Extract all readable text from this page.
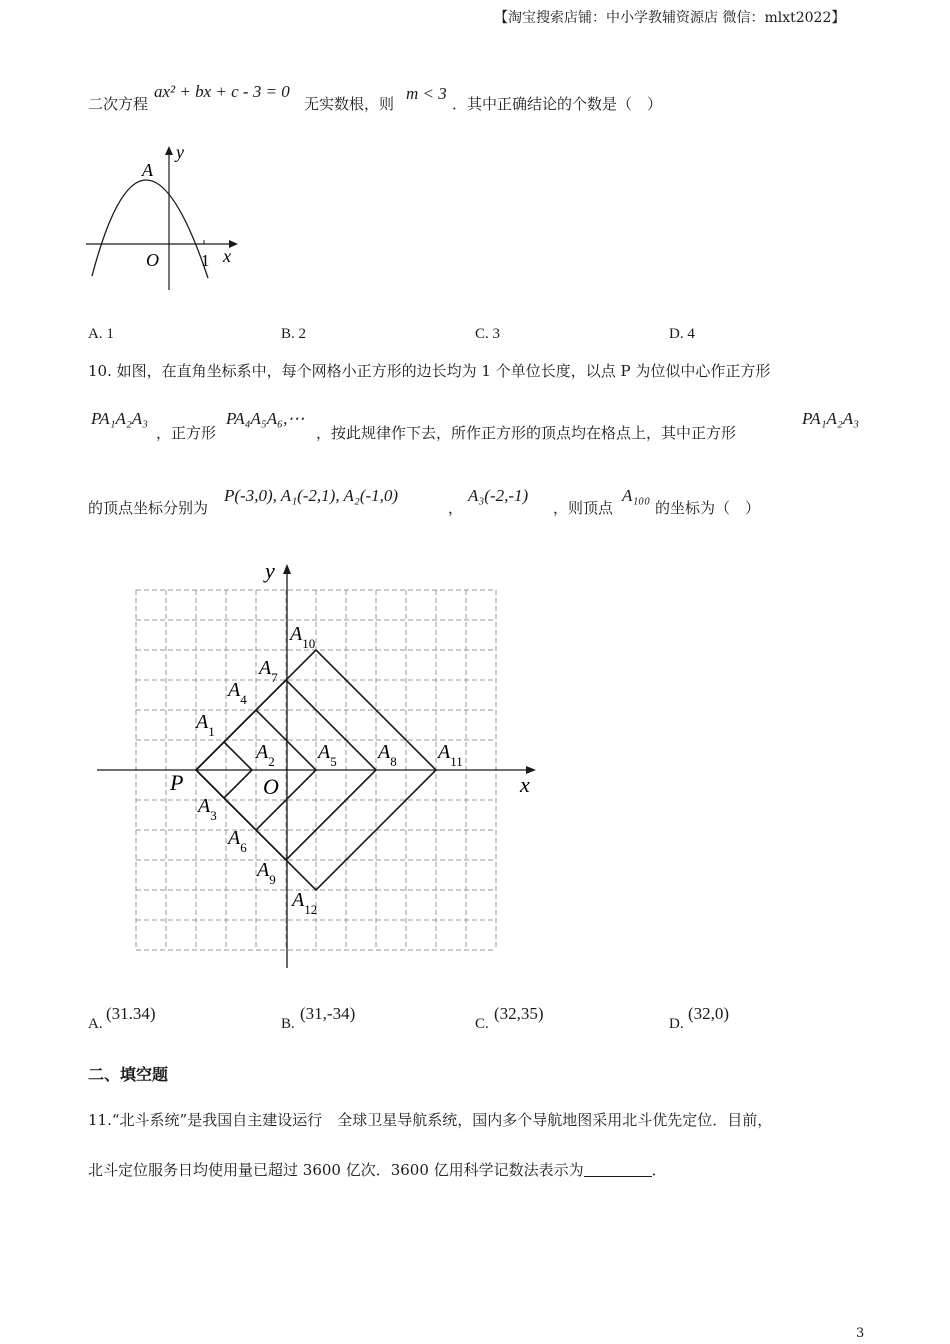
【淘宝搜索店铺：中小学教辅资源店 微信：mlxt2022】
二次方程
ax² + bx + c - 3 = 0
无实数根，则
m < 3
．其中正确结论的个数是（　）
A
y
O 1 x
A. 1	B. 2	C. 3	D. 4
10. 如图，在直角坐标系中，每个网格小正方形的边长均为 1 个单位长度，以点 P 为位似中心作正方形
PA₁A₂A₃
，正方形
PA₄A₅A₆,⋯
，按此规律作下去，所作正方形的顶点均在格点上，其中正方形
PA₁A₂A₃
的顶点坐标分别为
P(-3,0), A₁(-2,1), A₂(-1,0)
，
A₃(-2,-1)
，则顶点
A₁₀₀
的坐标为（　）
y
x
P	O
$A_1$
$A_2$
$A_3$
$A_4$
$A_5$
$A_6$
$A_7$
$A_8$
$A_9$
$A_{10}$
$A_{11}$
$A_{12}$
A.
(31.34)
B.
(31,-34)
C.
(32,35)
D.
(32,0)
二、填空题
11.“北斗系统”是我国自主建设运行　全球卫星导航系统，国内多个导航地图采用北斗优先定位．目前，
北斗定位服务日均使用量已超过 3600 亿次．3600 亿用科学记数法表示为	．
3
